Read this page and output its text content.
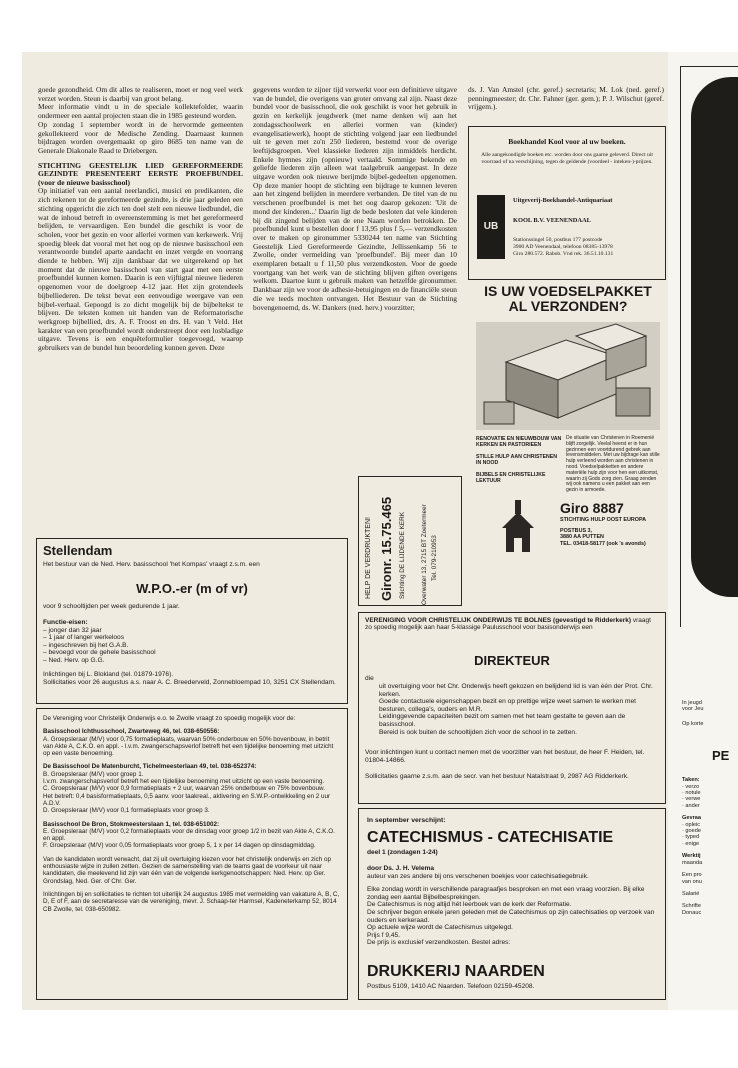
goede gezondheid. Om dit alles te realiseren, moet er nog veel werk verzet worden. Steun is daarbij van groot belang.

Meer informatie vindt u in de speciale kollektefolder, waarin ondermeer een aantal projecten staan die in 1985 gesteund worden.

Op zondag 1 september wordt in de hervormde gemeenten gekollekteerd voor de Medische Zending. Daarnaast kunnen bijdragen worden overgemaakt op giro 8685 ten name van de Generale Diakonale Raad te Driebergen.

STICHTING GEESTELIJK LIED GEREFORMEERDE GEZINDTE PRESENTEERT EERSTE PROEFBUNDEL (voor de nieuwe basisschool)

Op initiatief van een aantal neerlandici, musici en predikanten, die zich rekenen tot de gereformeerde gezindte, is drie jaar geleden een stichting opgericht die zich ten doel stelt een nieuwe liedbundel, die wat de inhoud betreft in overeenstemming is met het gereformeerd belijden, te vervaardigen. Een bundel die geschikt is voor de scholen, voor het gezin en voor allerlei vormen van kerkewerk. Vrij spoedig bleek dat vooral met het oog op de nieuwe basisschool een verantwoorde bundel aparte aandacht en inzet vergde en voorrang diende te hebben. Wij zijn dankbaar dat we uitgerekend op het moment dat de nieuwe basisschool van start gaat met een eerste proefbundel kunnen komen. Daarin is een vijftigtal nieuwe liederen opgenomen voor de doelgroep 4-12 jaar. Het zijn grotendeels bijbelliederen. De tekst bevat een eenvoudige weergave van een bijbel-verhaal. Gepoogd is zo dicht mogelijk bij de bijbeltekst te blijven. De teksten komen uit handen van de Reformatorische werkgroep bijbellied, drs. A. F. Troost en drs. H. van 't Veld. Het karakter van een proefbundel wordt onderstreept door een losbladige uitgave. Tevens is een enquêteformulier toegevoegd, waarop gebruikers van de bundel hun beoordeling kunnen geven. Deze

gegevens worden te zijner tijd verwerkt voor een definitieve uitgave van de bundel, die overigens van groter omvang zal zijn. Naast deze bundel voor de basisschool, die ook geschikt is voor het gebruik in gezin en kerkelijk jeugdwerk (met name denken wij aan het zondagsschoolwerk en allerlei vormen van (kinder) evangelisatiewerk), hoopt de stichting volgend jaar een liedbundel uit te geven met zo'n 250 liederen, bestemd voor de overige leeftijdsgroepen. Veel klassieke liederen zijn inmiddels herdicht. Enkele hymnes zijn (opnieuw) vertaald. Sommige bekende en geliefde liederen zijn alleen wat taalgebruik aangepast. In deze uitgave worden ook nieuwe berijmde bijbel-gedeelten opgenomen. Op deze manier hoopt de stichting een bijdrage te kunnen leveren aan het zingend belijden in meerdere verbanden. De titel van de nu verschenen proefbundel is met het oog daarop gekozen: 'Uit de mond der kinderen...' Daarin ligt de bede besloten dat vele kinderen bij dit zingend belijden van de ene Naam worden betrokken. De proefbundel kunt u bestellen door f 13,95 plus f 5,— verzendkosten over te maken op gironummer 5330244 ten name van Stichting Geestelijk Lied Gereformeerde Gezindte, Jellissenkamp 56 te Zwolle, onder vermelding van 'proefbundel'. Bij meer dan 10 exemplaren betaalt u f 11,50 plus verzendkosten. Voor de goede voortgang van het werk van de stichting blijven giften overigens welkom. Daartoe kunt u gebruik maken van hetzelfde gironummer. Dankbaar zijn we voor de adhesie-betuigingen en de financiële steun die we teeds mochten ontvangen. Het Bestuur van de Stichting bovengenoemd, ds. W. Dankers (ned. herv.) voorzitter;

ds. J. Van Amstel (chr. geref.) secretaris; M. Lok (ned. geref.) penningmeester; dr. Chr. Fahner (ger. gem.); P. J. Wilschut (geref. vrijgem.).

Boekhandel Kool voor al uw boeken.
Alle aangekondigde boeken etc. worden door ons gaarne geleverd. Direct uit voorraad of na verschijning, tegen de geldende (voordeel - inteken-)-prijzen.
UB
Uitgeverij-Boekhandel-Antiquariaat
KOOL B.V. VEENENDAAL
Stationssingel 50, postbus 177 postcode
3900 AD Veenendaal, telefoon 08385-13978
Giro 280.572. Rabob. Vnd rek. 36.51.10.131
IS UW VOEDSELPAKKET
AL VERZONDEN?

RENOVATIE EN NIEUWBOUW VAN KERKEN EN PASTORIEEN

STILLE HULP AAN CHRISTENEN IN NOOD

BIJBELS EN CHRISTELIJKE LEKTUUR

De situatie van Christenen in Roemenië blijft zorgelijk. Veelal heerst er in hun gezinnen een voortdurend gebrek aan levensmiddelen. Met uw bijdrage kan stille hulp verleend worden aan christenen in nood. Voedselpakketten en andere materiële hulp zijn voor hen een uitkomst, waarin zij Gods zorg zien. Graag zenden wij ook namens u een pakket aan een gezin in armoede.
Giro 8887
STICHTING HULP OOST EUROPA
POSTBUS 3,
3880 AA PUTTEN
TEL. 03418-58177 (ook 's avonds)
HELP DE VERDRUKTEN! Gironr. 15.75.465 Stichting DE LIJDENDE KERK Overwater 13, 2715 BT Zoetermeer Tel. 079-210953
Stellendam
Het bestuur van de Ned. Herv. basisschool 'het Kompas' vraagt z.s.m. een
W.P.O.-er (m of vr)
voor 9 schooltijden per week gedurende 1 jaar.

Functie-eisen:

– jonger dan 32 jaar

– 1 jaar of langer werkeloos

– ingeschreven bij het G.A.B.

– bevoegd voor de gehele basisschool

– Ned. Herv. op G.G.

Inlichtingen bij L. Blokland (tel. 01879-1976).

Sollicitaties voor 26 augustus a.s. naar A. C. Breederveld, Zonnebloempad 10, 3251 CX Stellendam.

De Vereniging voor Christelijk Onderwijs e.o. te Zwolle vraagt zo spoedig mogelijk voor de:

Basisschool Ichthusschool, Zwarteweg 46, tel. 038-650556:

A. Groepsleraar (M/V) voor 0,75 formatieplaats, waarvan 50% onderbouw en 50% bovenbouw, in betrit van Akte A, C.K.O. en appl. - l.v.m. zwangerschapsverlof betreft het een tijdelijke benoeming met uitzicht op een vaste benoeming.

De Basisschool De Matenburcht, Tichelmeesterlaan 49, tel. 038-652374:

B. Groepsleraar (M/V) voor groep 1.

I.v.m. zwangerschapsverlof betreft het een tijdelijke benoeming met uitzicht op een vaste benoeming.

C. Groepsleraar (M/V) voor 0,9 formatieplaats + 2 uur, waarvan 25% onderbouw en 75% bovenbouw.

Het betreft: 0,4 basisformatieplaats, 0,5 aanv. voor taakreal., aktivering en S.W.P.-ontwikkeling en 2 uur A.D.V.

D. Groepsleraar (M/V) voor 0,1 formatieplaats voor groep 3.

Basisschool De Bron, Stokmeesterslaan 1, tel. 038-651002:

E. Groepsleraar (M/V) voor 0,2 formatieplaats voor de dinsdag voor groep 1/2 in bezit van Akte A, C.K.O. en appl.

F. Groepsleraar (M/V) voor 0,05 formatieplaats voor groep 5, 1 x per 14 dagen op dinsdagmiddag.

Van de kandidaten wordt verwacht, dat zij uit overtuiging kiezen voor het christelijk onderwijs en zich op enthousiaste wijze in zullen zetten. Gezien de samenstelling van de teams gaat de voorkeur uit naar kandidaten, die meelevend lid zijn van één van de volgende kerkgenootschappen: Ned. Herv. op Ger. Grondslag, Ned. Ger. of Chr. Ger.

Inlichtingen bij en sollicitaties te richten tot uiterlijk 24 augustus 1985 met vermelding van vakature A, B, C, D, E of F, aan de secretaresse van de vereniging, mevr. J. Schaap-ter Harmsel, Kadeneterkamp 52, 8014 CB Zwolle, tel. 038-650982.

VERENIGING VOOR CHRISTELIJK ONDERWIJS TE BOLNES (gevestigd te Ridderkerk) vraagt zo spoedig mogelijk aan haar 5-klassige Paulusschool voor basisonderwijs een
DIREKTEUR
die

uit overtuiging voor het Chr. Onderwijs heeft gekozen en belijdend lid is van één der Prot. Chr. kerken.

Goede contactuele eigenschappen bezit en op prettige wijze weet samen te werken met besturen, collega's, ouders en M.R.

Leidinggevende capaciteiten bezit om samen met het team gestalte te geven aan de basisschool.

Bereid is ook buiten de schooltijden zich voor de school in te zetten.

Voor inlichtingen kunt u contact nemen met de voorzitter van het bestuur, de heer F. Heiden, tel. 01804-14866.
Sollicitaties gaarne z.s.m. aan de secr. van het bestuur Natalstraat 9, 2987 AG Ridderkerk.
In september verschijnt:
CATECHISMUS - CATECHISATIE
deel 1 (zondagen 1-24)

door Ds. J. H. Velema

auteur van zes andere bij ons verschenen boekjes voor catechisatiegebruik.

Elke zondag wordt in verschillende paragraafjes besproken en met een vraag voorzien. Bij elke zondag een aantal Bijbelbesprekingen.

De Catechismus is nog altijd hét leerboek van de kerk der Reformatie.

De schrijver begon enkele jaren geleden met de Catechismus op zijn catechisaties op verzoek van ouders en kerkeraad.

Op actuele wijze wordt de Catechismus uitgelegd.

Prijs f 9,45.

De prijs is exclusief verzendkosten. Bestel adres:

DRUKKERIJ NAARDEN
Postbus 5109, 1410 AC Naarden. Telefoon 02159-45208.

In jeugd

voor Jeu

Op korte

PE

Taken:

· verzo

· notule

· verwe

· ander

Gevraa

· opleic

· goede

· typed

· enige

Werktij

maanda

Een pro

van onu

Salarié

Schrifte

Donauc
